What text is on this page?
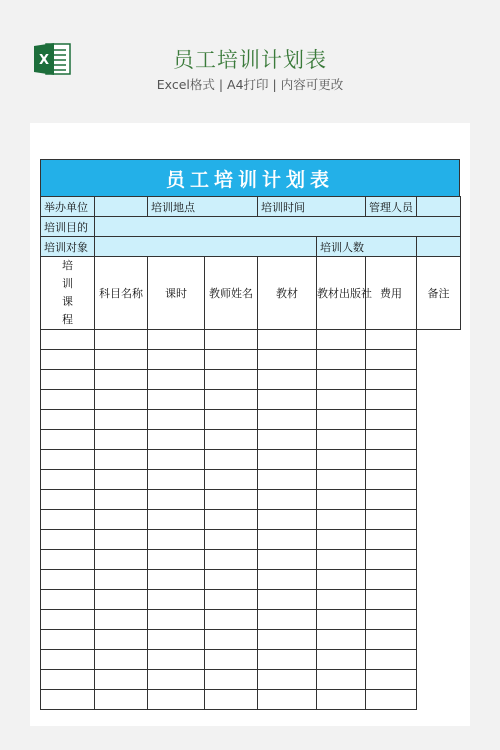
X	员工培训计划表
Excel格式 | A4打印 | 内容可更改
员工培训计划表
举办单位		培训地点		培训时间		管理人员	
培训目的							
培训对象					培训人数		

培
训
课
程	科目名称	课时	教师姓名	教材	教材出版社	费用	备注
